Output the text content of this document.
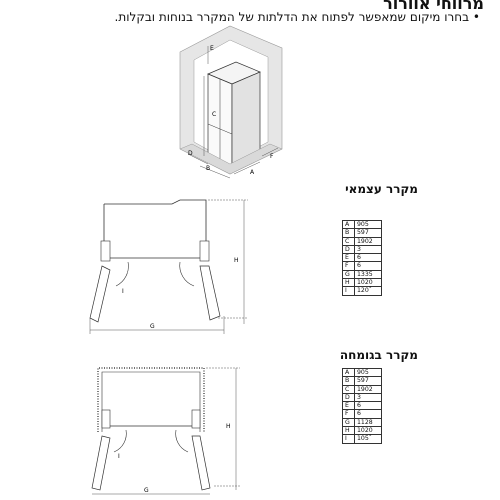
מרווחי אוורור
• בחרו מיקום שמאפשר לפתוח את הדלתות של המקרר בנוחות ובקלות.
E
C
D
B
A
F
מקרר עצמאי
G
H
I
A	905
B	597
C	1902
D	3
E	6
F	6
G	1335
H	1020
I	120˚
מקרר בגומחה
G
H
I
A	905
B	597
C	1902
D	3
E	6
F	6
G	1128
H	1020
I	105˚
